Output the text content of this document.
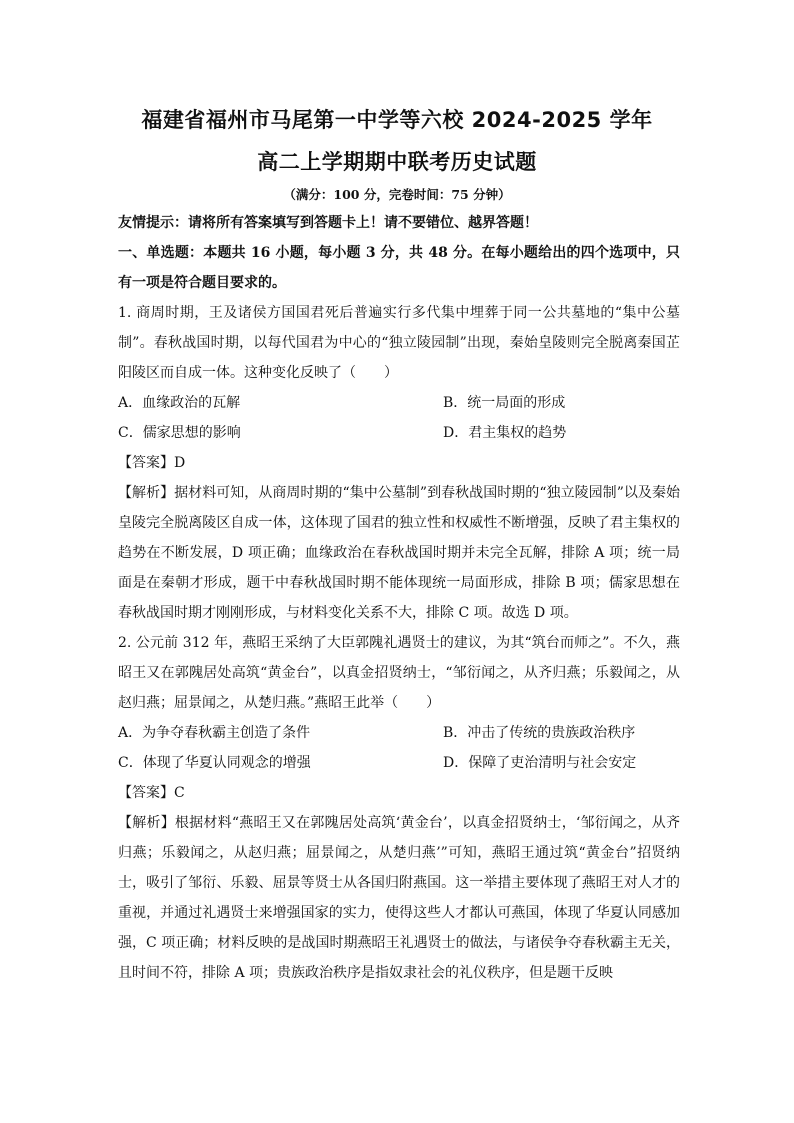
福建省福州市马尾第一中学等六校 2024-2025 学年
高二上学期期中联考历史试题
（满分：100 分，完卷时间：75 分钟）

友情提示：请将所有答案填写到答题卡上！请不要错位、越界答题！

一、单选题：本题共 16 小题，每小题 3 分，共 48 分。在每小题给出的四个选项中，只有一项是符合题目要求的。

1. 商周时期，王及诸侯方国国君死后普遍实行多代集中埋葬于同一公共墓地的“集中公墓制”。春秋战国时期，以每代国君为中心的“独立陵园制”出现，秦始皇陵则完全脱离秦国芷阳陵区而自成一体。这种变化反映了（　　）

A．血缘政治的瓦解	B．统一局面的形成
C．儒家思想的影响	D．君主集权的趋势

【答案】D

【解析】据材料可知，从商周时期的“集中公墓制”到春秋战国时期的“独立陵园制”以及秦始皇陵完全脱离陵区自成一体，这体现了国君的独立性和权威性不断增强，反映了君主集权的趋势在不断发展，D 项正确；血缘政治在春秋战国时期并未完全瓦解，排除 A 项；统一局面是在秦朝才形成，题干中春秋战国时期不能体现统一局面形成，排除 B 项；儒家思想在春秋战国时期才刚刚形成，与材料变化关系不大，排除 C 项。故选 D 项。

2. 公元前 312 年，燕昭王采纳了大臣郭隗礼遇贤士的建议，为其“筑台而师之”。不久，燕昭王又在郭隗居处高筑“黄金台”，以真金招贤纳士，“邹衍闻之，从齐归燕；乐毅闻之，从赵归燕；屈景闻之，从楚归燕。”燕昭王此举（　　）

A．为争夺春秋霸主创造了条件	B．冲击了传统的贵族政治秩序
C．体现了华夏认同观念的增强	D．保障了吏治清明与社会安定

【答案】C

【解析】根据材料“燕昭王又在郭隗居处高筑‘黄金台’，以真金招贤纳士，‘邹衍闻之，从齐归燕；乐毅闻之，从赵归燕；屈景闻之，从楚归燕’”可知，燕昭王通过筑“黄金台”招贤纳士，吸引了邹衍、乐毅、屈景等贤士从各国归附燕国。这一举措主要体现了燕昭王对人才的重视，并通过礼遇贤士来增强国家的实力，使得这些人才都认可燕国，体现了华夏认同感加强，C 项正确；材料反映的是战国时期燕昭王礼遇贤士的做法，与诸侯争夺春秋霸主无关，且时间不符，排除 A 项；贵族政治秩序是指奴隶社会的礼仪秩序，但是题干反映
